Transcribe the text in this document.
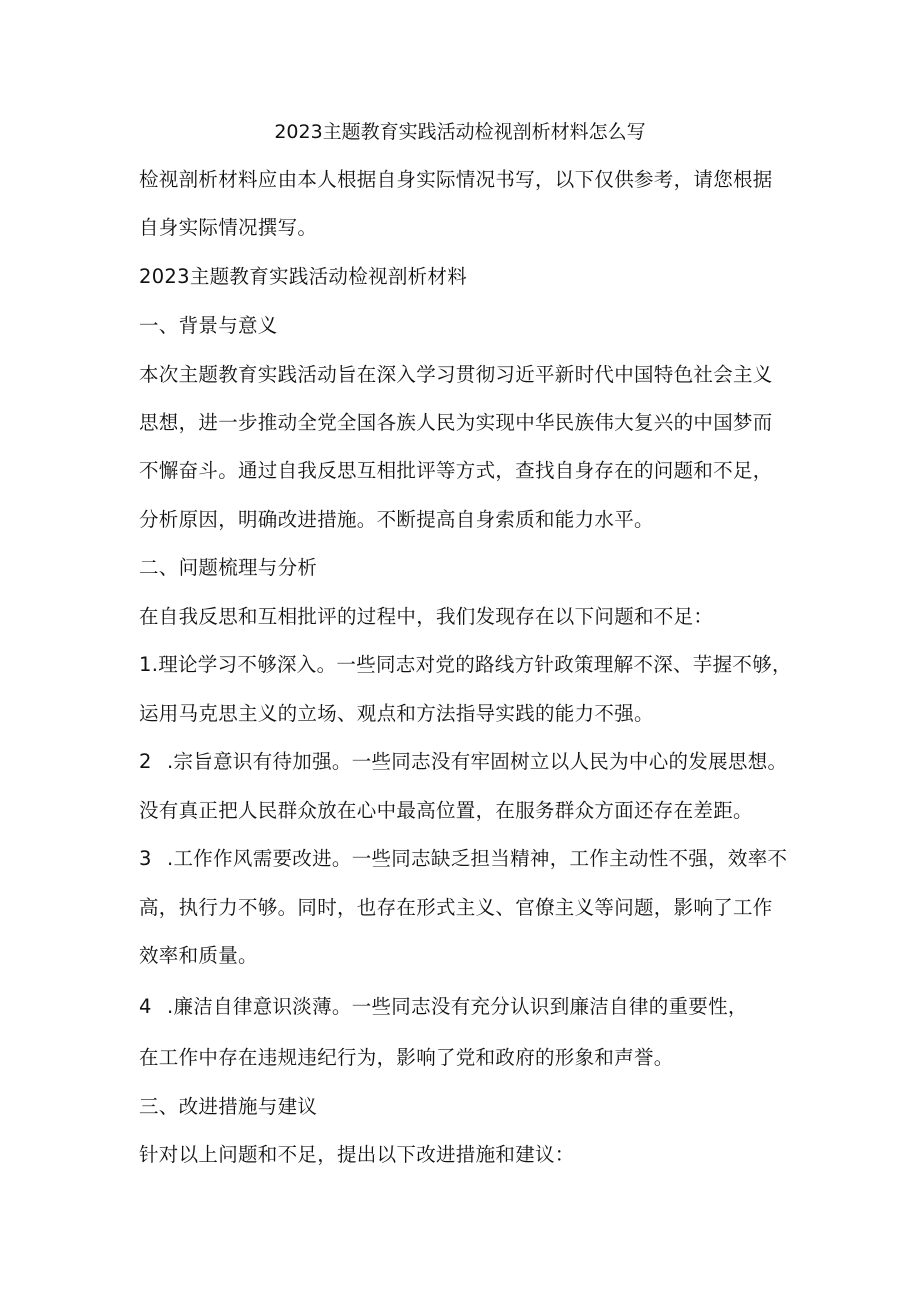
2023主题教育实践活动检视剖析材料怎么写
检视剖析材料应由本人根据自身实际情况书写，以下仅供参考，请您根据
自身实际情况撰写。
2023主题教育实践活动检视剖析材料
一、背景与意义
本次主题教育实践活动旨在深入学习贯彻习近平新时代中国特色社会主义
思想，进一步推动全党全国各族人民为实现中华民族伟大复兴的中国梦而
不懈奋斗。通过自我反思互相批评等方式，查找自身存在的问题和不足，
分析原因，明确改进措施。不断提高自身索质和能力水平。
二、问题梳理与分析
在自我反思和互相批评的过程中，我们发现存在以下问题和不足：
1.理论学习不够深入。一些同志对党的路线方针政策理解不深、芋握不够，
运用马克思主义的立场、观点和方法指导实践的能力不强。
2 .宗旨意识有待加强。一些同志没有牢固树立以人民为中心的发展思想。
没有真正把人民群众放在心中最高位置，在服务群众方面还存在差距。
3 .工作作风需要改进。一些同志缺乏担当精神，工作主动性不强，效率不
高，执行力不够。同时，也存在形式主义、官僚主义等问题，影响了工作
效率和质量。
4 .廉洁自律意识淡薄。一些同志没有充分认识到廉洁自律的重要性，
在工作中存在违规违纪行为，影响了党和政府的形象和声誉。
三、改进措施与建议
针对以上问题和不足，提出以下改进措施和建议：
